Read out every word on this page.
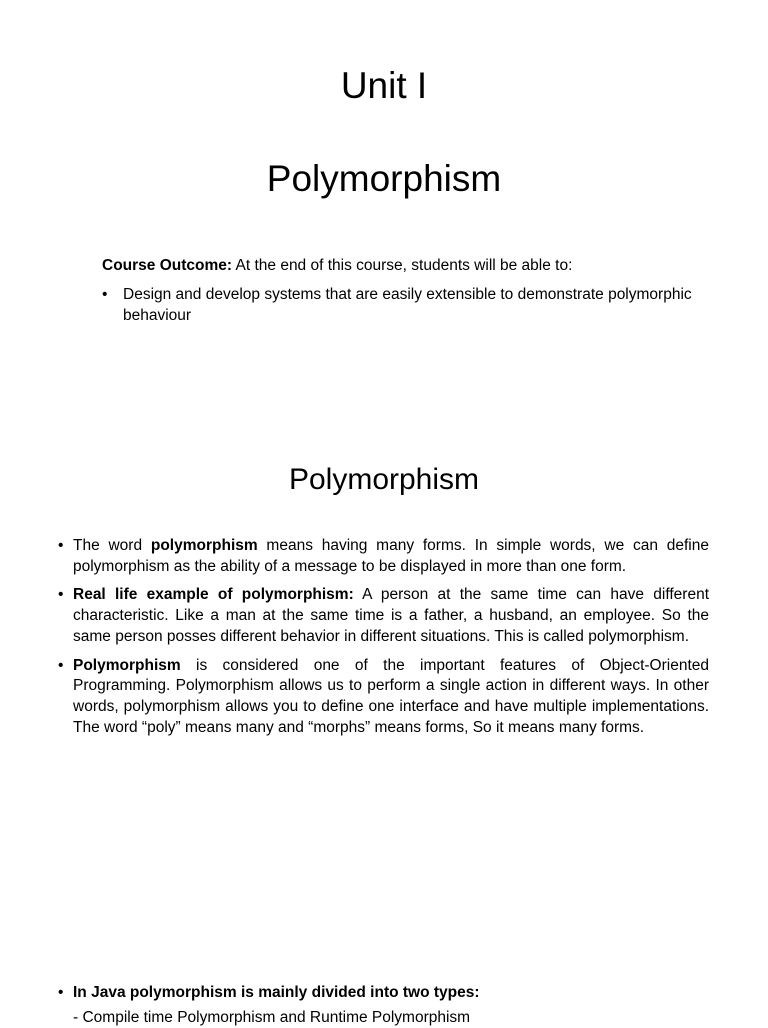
Unit I
Polymorphism

Course Outcome: At the end of this course, students will be able to:

• Design and develop systems that are easily extensible to demonstrate polymorphic behaviour
Polymorphism
• The word polymorphism means having many forms. In simple words, we can define polymorphism as the ability of a message to be displayed in more than one form.
• Real life example of polymorphism: A person at the same time can have different characteristic. Like a man at the same time is a father, a husband, an employee. So the same person posses different behavior in different situations. This is called polymorphism.
• Polymorphism is considered one of the important features of Object-Oriented Programming. Polymorphism allows us to perform a single action in different ways. In other words, polymorphism allows you to define one interface and have multiple implementations. The word “poly” means many and “morphs” means forms, So it means many forms.

• In Java polymorphism is mainly divided into two types:

- Compile time Polymorphism and Runtime Polymorphism
